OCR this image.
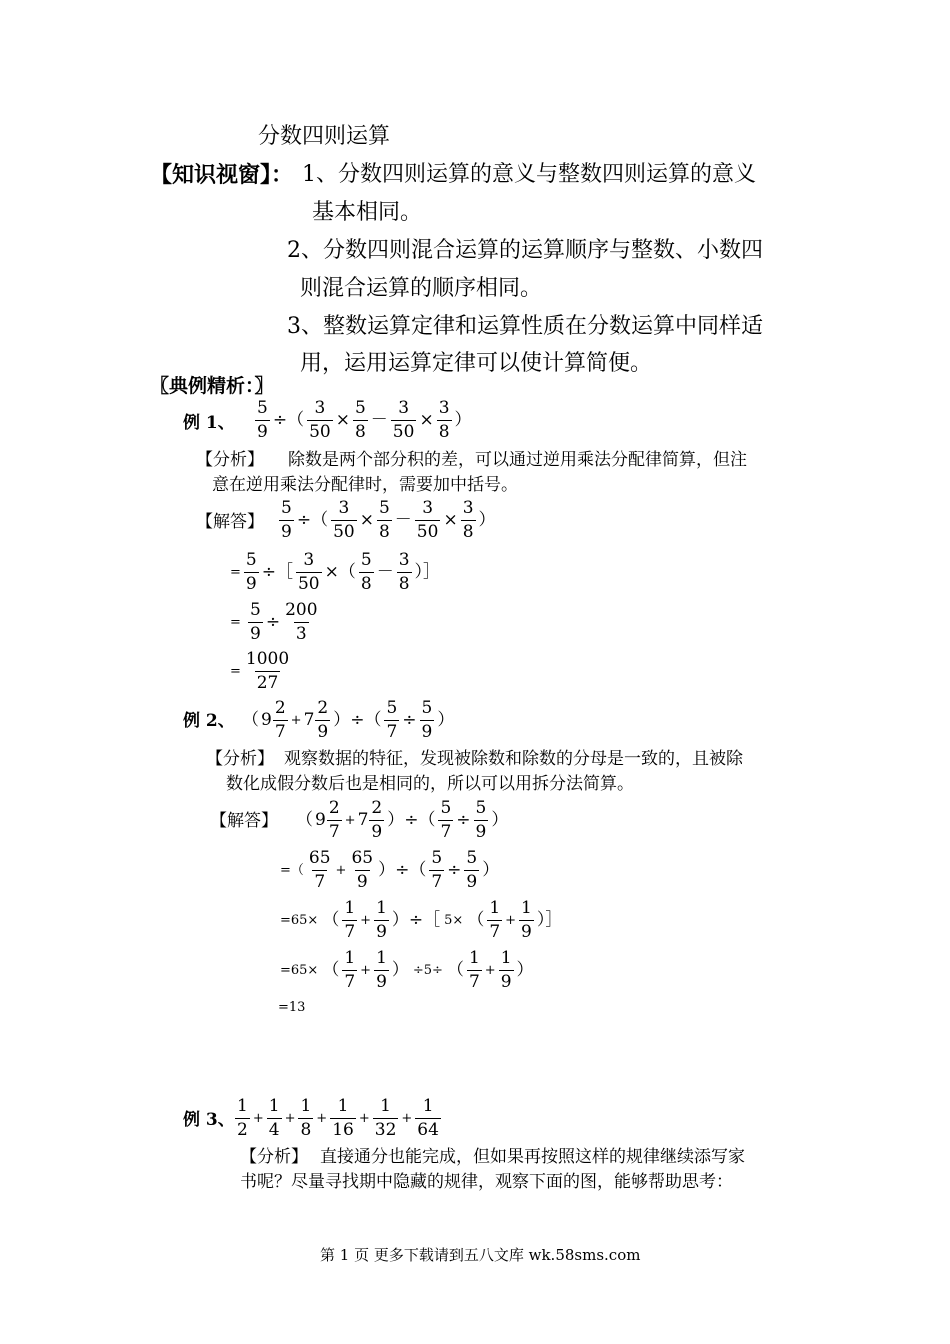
分数四则运算
【知识视窗】： 1、分数四则运算的意义与整数四则运算的意义
基本相同。
2、分数四则混合运算的运算顺序与整数、小数四
则混合运算的顺序相同。
3、整数运算定律和运算性质在分数运算中同样适
用，运用运算定律可以使计算简便。
〖典例精析：〗
例 1、 $\frac{5}{9}$ ÷（ $\frac{3}{50} \times \frac{5}{8} - \frac{3}{50} \times \frac{3}{8}$ ）
【分析】 除数是两个部分积的差，可以通过逆用乘法分配律简算，但注
意在逆用乘法分配律时，需要加中括号。
【解答】 $\frac{5}{9}$ ÷（ $\frac{3}{50} \times \frac{5}{8} - \frac{3}{50} \times \frac{3}{8}$ ）
= $\frac{5}{9}$ ÷［ $\frac{3}{50}$ ×（ $\frac{5}{8} - \frac{3}{8}$ ）］
= $\frac{5}{9} \div \frac{200}{3}$
= $\frac{1000}{27}$
例 2、 （ $9 \frac{2}{7} + 7 \frac{2}{9}$ ）÷（ $\frac{5}{7} \div \frac{5}{9}$ ）
【分析】 观察数据的特征，发现被除数和除数的分母是一致的，且被除
数化成假分数后也是相同的，所以可以用拆分法简算。
【解答】 （ $9 \frac{2}{7} + 7 \frac{2}{9}$ ）÷（ $\frac{5}{7} \div \frac{5}{9}$ ）
=（ $\frac{65}{7} + \frac{65}{9}$ ）÷（ $\frac{5}{7} \div \frac{5}{9}$ ）
=65× （ $\frac{1}{7} + \frac{1}{9}$ ）÷［ 5× （ $\frac{1}{7} + \frac{1}{9}$ ）］
=65× （ $\frac{1}{7} + \frac{1}{9}$ ） ÷5÷ （ $\frac{1}{7} + \frac{1}{9}$ ）
=13
例 3、 $\frac{1}{2} + \frac{1}{4} + \frac{1}{8} + \frac{1}{16} + \frac{1}{32} + \frac{1}{64}$
【分析】 直接通分也能完成，但如果再按照这样的规律继续添写家
书呢？尽量寻找期中隐藏的规律，观察下面的图，能够帮助思考：
第 1 页 更多下载请到五八文库 wk.58sms.com
